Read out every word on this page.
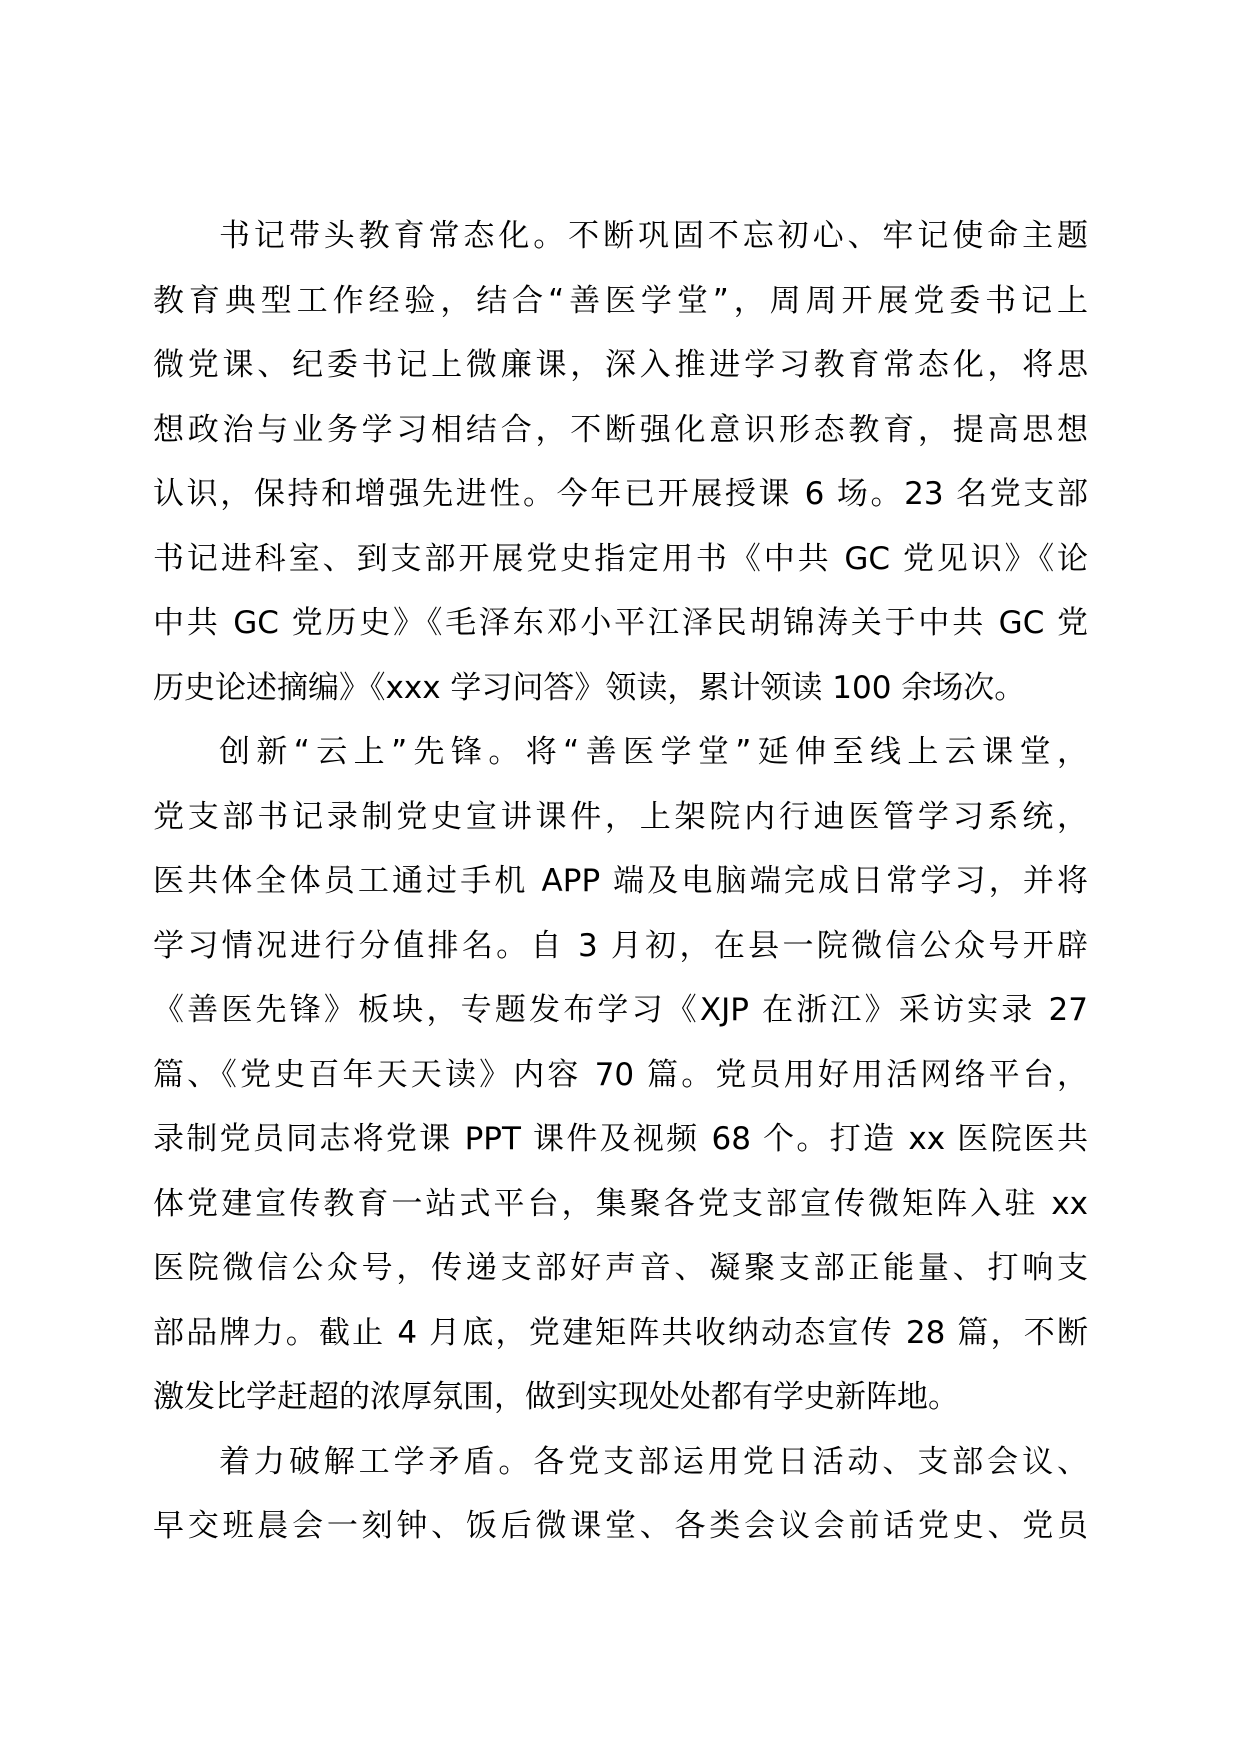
书记带头教育常态化。不断巩固不忘初心、牢记使命主题
教育典型工作经验，结合“善医学堂”，周周开展党委书记上
微党课、纪委书记上微廉课，深入推进学习教育常态化，将思
想政治与业务学习相结合，不断强化意识形态教育，提高思想
认识，保持和增强先进性。今年已开展授课 6 场。23 名党支部
书记进科室、到支部开展党史指定用书《中共 GC 党见识》《论
中共 GC 党历史》《毛泽东邓小平江泽民胡锦涛关于中共 GC 党
历史论述摘编》《xxx 学习问答》领读，累计领读 100 余场次。
创新“云上”先锋。将“善医学堂”延伸至线上云课堂，
党支部书记录制党史宣讲课件，上架院内行迪医管学习系统，
医共体全体员工通过手机 APP 端及电脑端完成日常学习，并将
学习情况进行分值排名。自 3 月初，在县一院微信公众号开辟
《善医先锋》板块，专题发布学习《XJP 在浙江》采访实录 27
篇、《党史百年天天读》内容 70 篇。党员用好用活网络平台，
录制党员同志将党课 PPT 课件及视频 68 个。打造 xx 医院医共
体党建宣传教育一站式平台，集聚各党支部宣传微矩阵入驻 xx
医院微信公众号，传递支部好声音、凝聚支部正能量、打响支
部品牌力。截止 4 月底，党建矩阵共收纳动态宣传 28 篇，不断
激发比学赶超的浓厚氛围，做到实现处处都有学史新阵地。
着力破解工学矛盾。各党支部运用党日活动、支部会议、
早交班晨会一刻钟、饭后微课堂、各类会议会前话党史、党员
